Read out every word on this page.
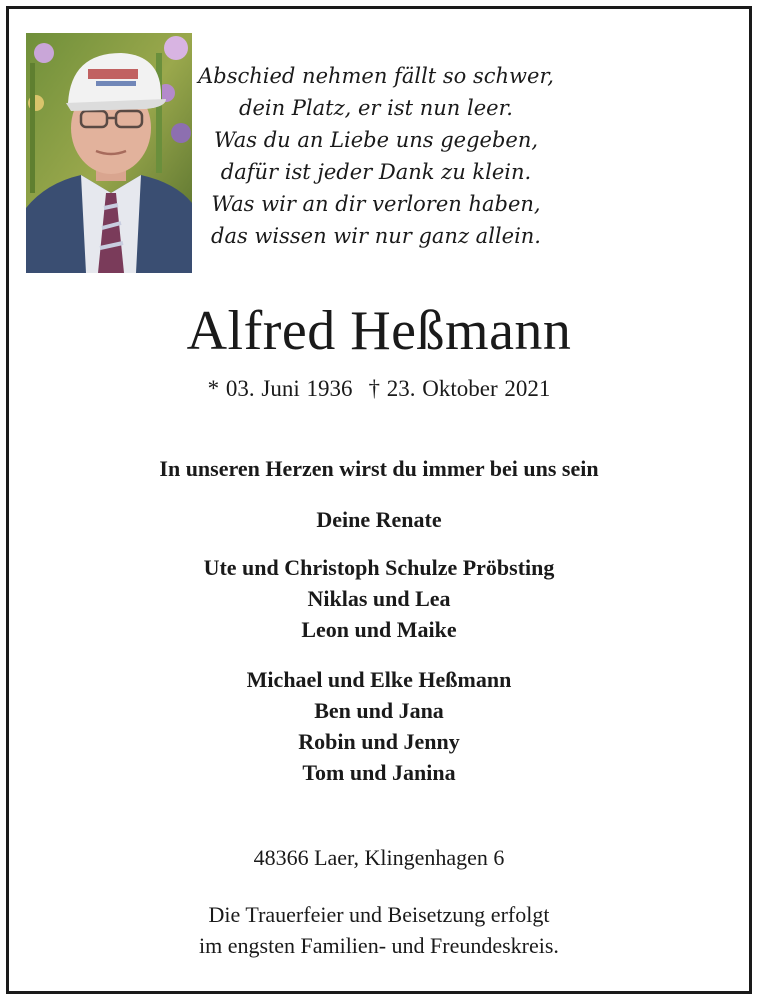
Abschied nehmen fällt so schwer,
dein Platz, er ist nun leer.
Was du an Liebe uns gegeben,
dafür ist jeder Dank zu klein.
Was wir an dir verloren haben,
das wissen wir nur ganz allein.
Alfred Heßmann
* 03. Juni 1936 † 23. Oktober 2021
In unseren Herzen wirst du immer bei uns sein
Deine Renate
Ute und Christoph Schulze Pröbsting
Niklas und Lea
Leon und Maike
Michael und Elke Heßmann
Ben und Jana
Robin und Jenny
Tom und Janina
48366 Laer, Klingenhagen 6
Die Trauerfeier und Beisetzung erfolgt
im engsten Familien- und Freundeskreis.
